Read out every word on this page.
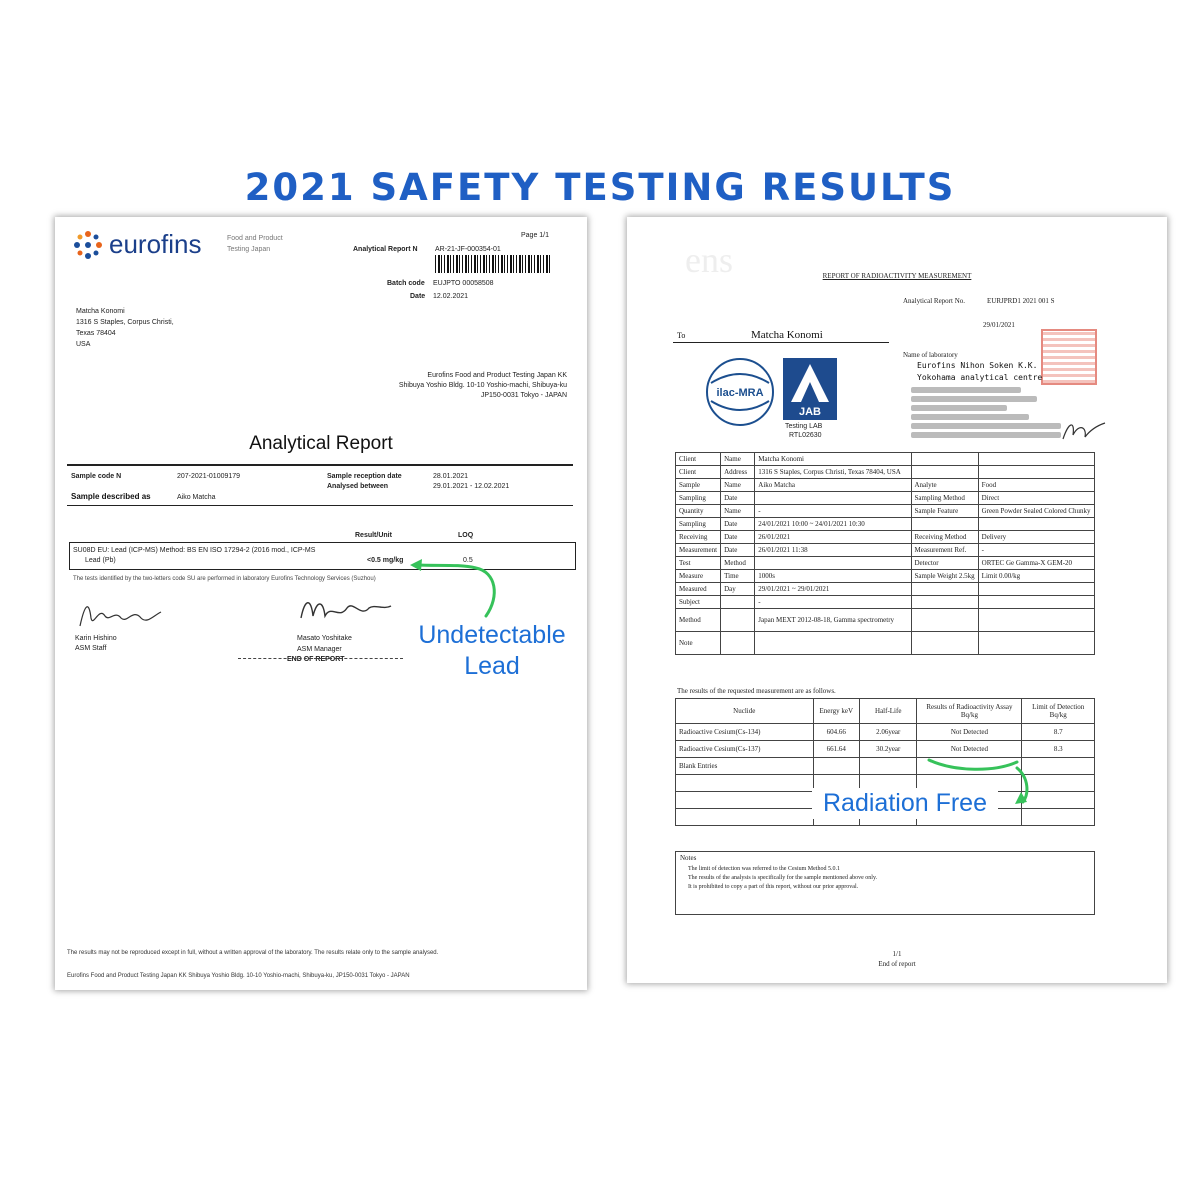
2021 SAFETY TESTING RESULTS
eurofins	Food and Product
Testing Japan
Page 1/1
Analytical Report N AR-21-JF-000354-01
Batch code EUJPTO 00058508
Date 12.02.2021
Matcha Konomi
1316 S Staples, Corpus Christi,
Texas 78404
USA
Eurofins Food and Product Testing Japan KK
Shibuya Yoshio Bldg. 10-10 Yoshio-machi, Shibuya-ku
JP150-0031 Tokyo - JAPAN
Analytical Report
Sample code N	207-2021-01009179	Sample reception date	28.01.2021
Analysed between	29.01.2021 - 12.02.2021
Sample described as	Aiko Matcha
Result/Unit	LOQ
SU08D EU: Lead (ICP-MS) Method: BS EN ISO 17294-2 (2016 mod., ICP-MS
Lead (Pb)	<0.5 mg/kg	0.5
The tests identified by the two-letters code SU are performed in laboratory Eurofins Technology Services (Suzhou)
Karin Hishino
ASM Staff
Masato Yoshitake
ASM Manager
END OF REPORT
The results may not be reproduced except in full, without a written approval of the laboratory. The results relate only to the sample analysed.
Eurofins Food and Product Testing Japan KK Shibuya Yoshio Bldg. 10-10 Yoshio-machi, Shibuya-ku, JP150-0031 Tokyo - JAPAN
Undetectable
Lead
ens	REPORT OF RADIOACTIVITY MEASUREMENT
Analytical Report No.	EURJPRD1 2021 001 S
29/01/2021
To	Matcha Konomi
ilac-MRA
JAB
Testing LAB
RTL02630
Name of laboratory
Eurofins Nihon Soken K.K.
Yokohama analytical centre
Client	Name	Matcha Konomi		
Client	Address	1316 S Staples, Corpus Christi, Texas 78404, USA		
Sample	Name	Aiko Matcha	Analyte	Food
Sampling	Date		Sampling Method	Direct
Quantity	Name	-	Sample Feature	Green Powder Sealed Colored Chunky
Sampling	Date	24/01/2021 10:00 ~ 24/01/2021 10:30		
Receiving	Date	26/01/2021	Receiving Method	Delivery
Measurement	Date	26/01/2021 11:38	Measurement Ref.	-
Test	Method		Detector	ORTEC Ge Gamma-X GEM-20
Measure	Time	1000s	Sample Weight 2.5kg	Limit 0.00/kg
Measured	Day	29/01/2021 ~ 29/01/2021		
Subject		-		
Method		Japan MEXT 2012-08-18, Gamma spectrometry		
Note				
The results of the requested measurement are as follows.
Nuclide	Energy keV	Half-Life	Results of Radioactivity Assay Bq/kg	Limit of Detection Bq/kg
Radioactive Cesium(Cs-134)	604.66	2.06year	Not Detected	8.7
Radioactive Cesium(Cs-137)	661.64	30.2year	Not Detected	8.3
Blank Entries				

Notes
The limit of detection was referred to the Cesium Method 5.0.1
The results of the analysis is specifically for the sample mentioned above only.
It is prohibited to copy a part of this report, without our prior approval.
1/1
End of report
Radiation Free
